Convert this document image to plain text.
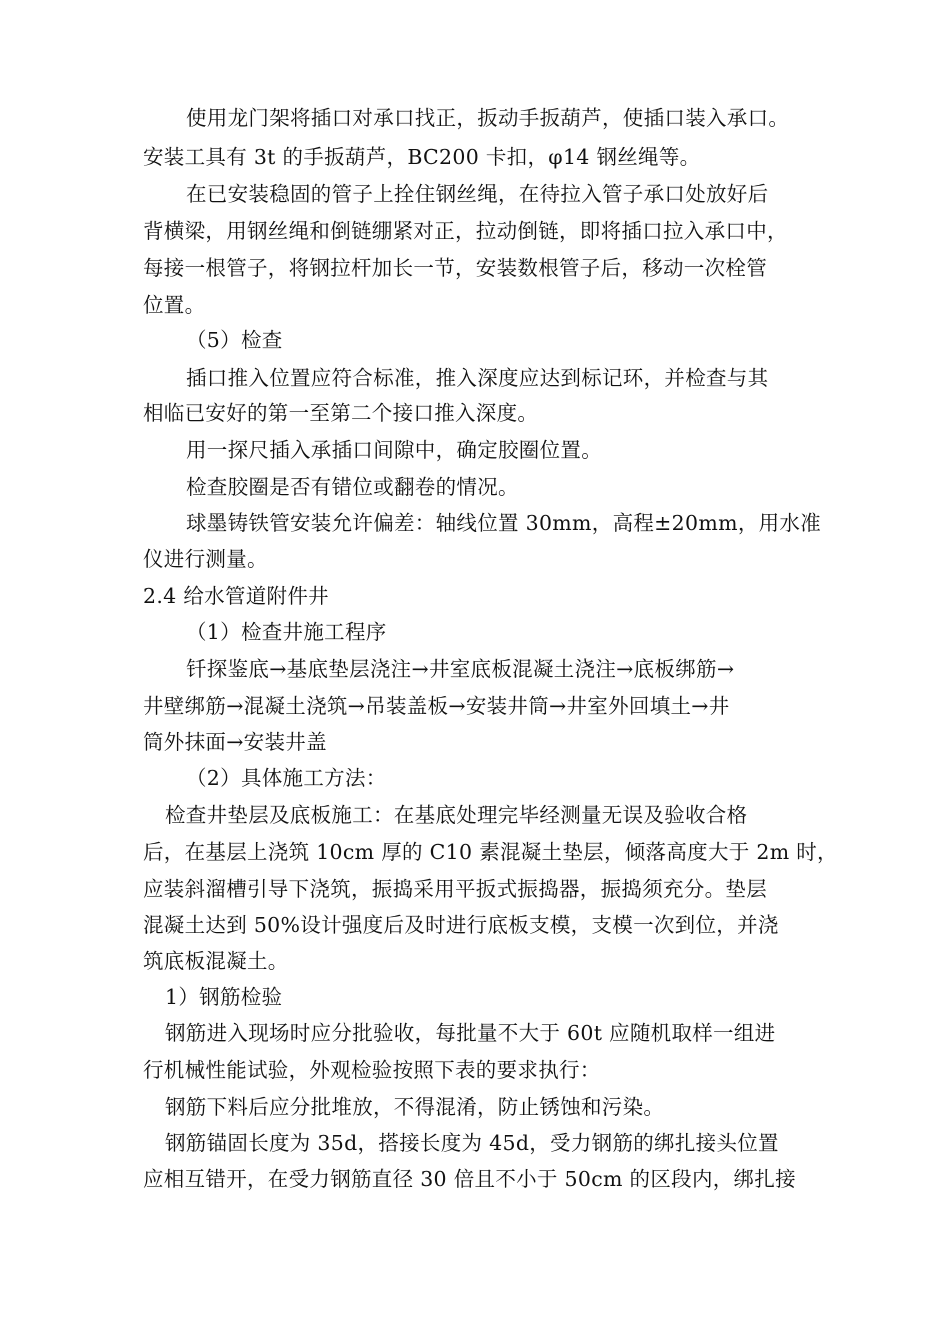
使用龙门架将插口对承口找正，扳动手扳葫芦，使插口装入承口。
安装工具有 3t 的手扳葫芦，BC200 卡扣，φ14 钢丝绳等。
在已安装稳固的管子上拴住钢丝绳，在待拉入管子承口处放好后
背横梁，用钢丝绳和倒链绷紧对正，拉动倒链，即将插口拉入承口中，
每接一根管子，将钢拉杆加长一节，安装数根管子后，移动一次栓管
位置。
（5）检查
插口推入位置应符合标准，推入深度应达到标记环，并检查与其
相临已安好的第一至第二个接口推入深度。
用一探尺插入承插口间隙中，确定胶圈位置。
检查胶圈是否有错位或翻卷的情况。
球墨铸铁管安装允许偏差：轴线位置 30mm，高程±20mm，用水准
仪进行测量。
2.4 给水管道附件井
（1）检查井施工程序
钎探鉴底→基底垫层浇注→井室底板混凝土浇注→底板绑筋→
井壁绑筋→混凝土浇筑→吊装盖板→安装井筒→井室外回填土→井
筒外抹面→安装井盖
（2）具体施工方法：
检查井垫层及底板施工：在基底处理完毕经测量无误及验收合格
后，在基层上浇筑 10cm 厚的 C10 素混凝土垫层，倾落高度大于 2m 时，
应装斜溜槽引导下浇筑，振捣采用平扳式振捣器，振捣须充分。垫层
混凝土达到 50%设计强度后及时进行底板支模，支模一次到位，并浇
筑底板混凝土。
1）钢筋检验
钢筋进入现场时应分批验收，每批量不大于 60t 应随机取样一组进
行机械性能试验，外观检验按照下表的要求执行：
钢筋下料后应分批堆放，不得混淆，防止锈蚀和污染。
钢筋锚固长度为 35d，搭接长度为 45d，受力钢筋的绑扎接头位置
应相互错开，在受力钢筋直径 30 倍且不小于 50cm 的区段内，绑扎接
